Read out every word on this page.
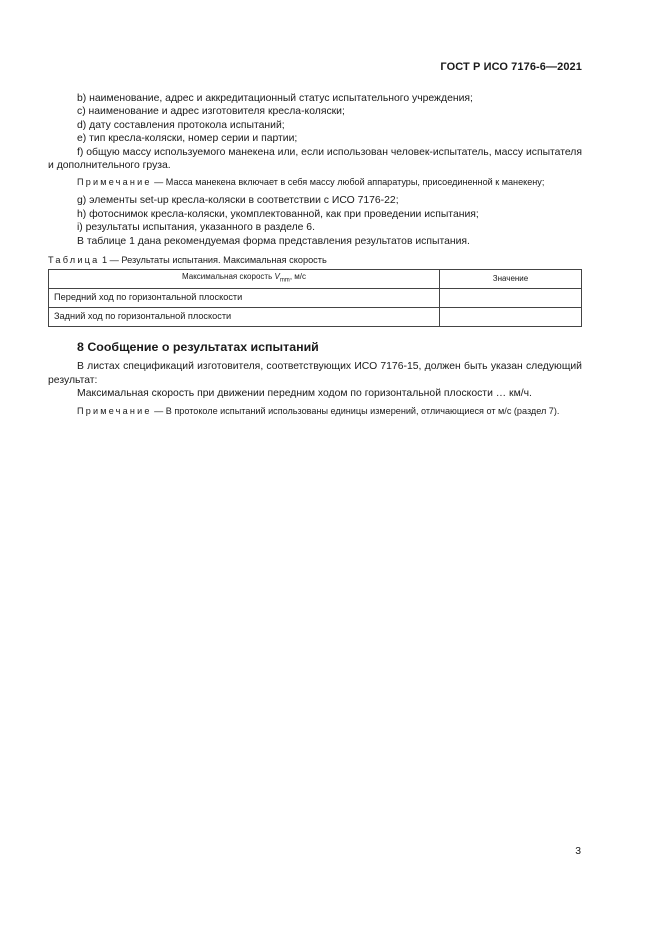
ГОСТ Р ИСО 7176-6—2021

b) наименование, адрес и аккредитационный статус испытательного учреждения;

c) наименование и адрес изготовителя кресла-коляски;

d) дату составления протокола испытаний;

e) тип кресла-коляски, номер серии и партии;

f) общую массу используемого манекена или, если использован человек-испытатель, массу испытателя и дополнительного груза.

Примечание — Масса манекена включает в себя массу любой аппаратуры, присоединенной к манекену;

g) элементы set-up кресла-коляски в соответствии с ИСО 7176-22;

h) фотоснимок кресла-коляски, укомплектованной, как при проведении испытания;

i) результаты испытания, указанного в разделе 6.

В таблице 1 дана рекомендуемая форма представления результатов испытания.

Таблица 1 — Результаты испытания. Максимальная скорость
Максимальная скорость $V_{mm}$, м/с	Значение
Передний ход по горизонтальной плоскости	
Задний ход по горизонтальной плоскости	
8 Сообщение о результатах испытаний

В листах спецификаций изготовителя, соответствующих ИСО 7176-15, должен быть указан следующий результат:

Максимальная скорость при движении передним ходом по горизонтальной плоскости … км/ч.

Примечание — В протоколе испытаний использованы единицы измерений, отличающиеся от м/с (раздел 7).

3
